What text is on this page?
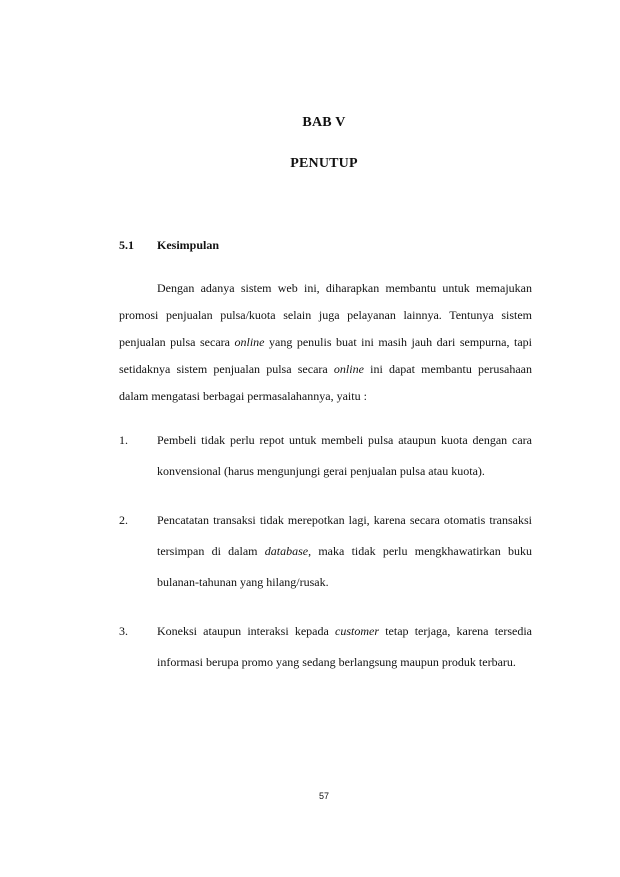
BAB V
PENUTUP
5.1	Kesimpulan

Dengan adanya sistem web ini, diharapkan membantu untuk memajukan promosi penjualan pulsa/kuota selain juga pelayanan lainnya. Tentunya sistem penjualan pulsa secara online yang penulis buat ini masih jauh dari sempurna, tapi setidaknya sistem penjualan pulsa secara online ini dapat membantu perusahaan dalam mengatasi berbagai permasalahannya, yaitu :

1.	Pembeli tidak perlu repot untuk membeli pulsa ataupun kuota dengan cara konvensional (harus mengunjungi gerai penjualan pulsa atau kuota).
2.	Pencatatan transaksi tidak merepotkan lagi, karena secara otomatis transaksi tersimpan di dalam database, maka tidak perlu mengkhawatirkan buku bulanan-tahunan yang hilang/rusak.
3.	Koneksi ataupun interaksi kepada customer tetap terjaga, karena tersedia informasi berupa promo yang sedang berlangsung maupun produk terbaru.
57
